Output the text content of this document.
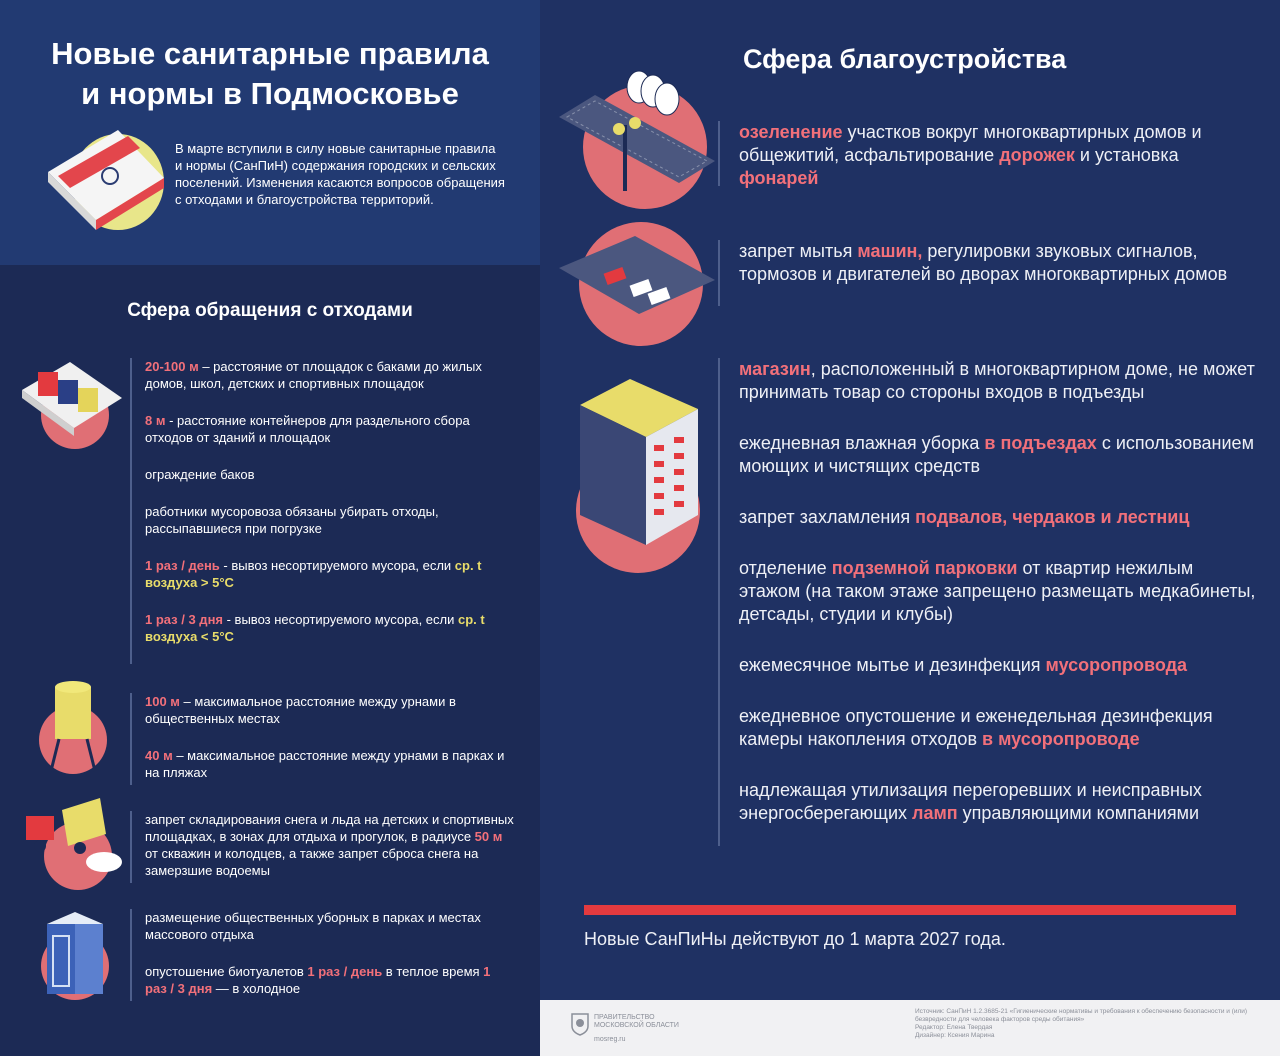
Новые санитарные правила
и нормы в Подмосковье
В марте вступили в силу новые санитарные правила и нормы (СанПиН) содержания городских и сельских поселений. Изменения касаются вопросов обращения с отходами и благоустройства территорий.
Сфера обращения с отходами
20-100 м – расстояние от площадок с баками до жилых домов, школ, детских и спортивных площадок
8 м - расстояние контейнеров для раздельного сбора отходов от зданий и площадок
ограждение баков
работники мусоровоза обязаны убирать отходы, рассыпавшиеся при погрузке
1 раз / день - вывоз несортируемого мусора, если ср. t воздуха > 5°С
1 раз / 3 дня - вывоз несортируемого мусора, если ср. t воздуха < 5°С
100 м – максимальное расстояние между урнами в общественных местах
40 м – максимальное расстояние между урнами в парках и на пляжах
запрет складирования снега и льда на детских и спортивных площадках, в зонах для отдыха и прогулок, в радиусе 50 м от скважин и колодцев, а также запрет сброса снега на замерзшие водоемы
размещение общественных уборных в парках и местах массового отдыха
опустошение биотуалетов 1 раз / день в теплое время 1 раз / 3 дня — в холодное
Сфера благоустройства
озеленение участков вокруг многоквартирных домов и общежитий, асфальтирование дорожек и установка фонарей
запрет мытья машин, регулировки звуковых сигналов, тормозов и двигателей во дворах многоквартирных домов
магазин, расположенный в многоквартирном доме, не может принимать товар со стороны входов в подъезды
ежедневная влажная уборка в подъездах с использованием моющих и чистящих средств
запрет захламления подвалов, чердаков и лестниц
отделение подземной парковки от квартир нежилым этажом (на таком этаже запрещено размещать медкабинеты, детсады, студии и клубы)
ежемесячное мытье и дезинфекция мусоропровода
ежедневное опустошение и еженедельная дезинфекция камеры накопления отходов в мусоропроводе
надлежащая утилизация перегоревших и неисправных энергосберегающих ламп управляющими компаниями
Новые СанПиНы действуют до 1 марта 2027 года.
ПРАВИТЕЛЬСТВО МОСКОВСКОЙ ОБЛАСТИ
mosreg.ru
Источник: СанПиН 1.2.3685-21 «Гигиенические нормативы и требования к обеспечению безопасности и (или) безвредности для человека факторов среды обитания»
Редактор: Елена Твердая
Дизайнер: Ксения Марина
